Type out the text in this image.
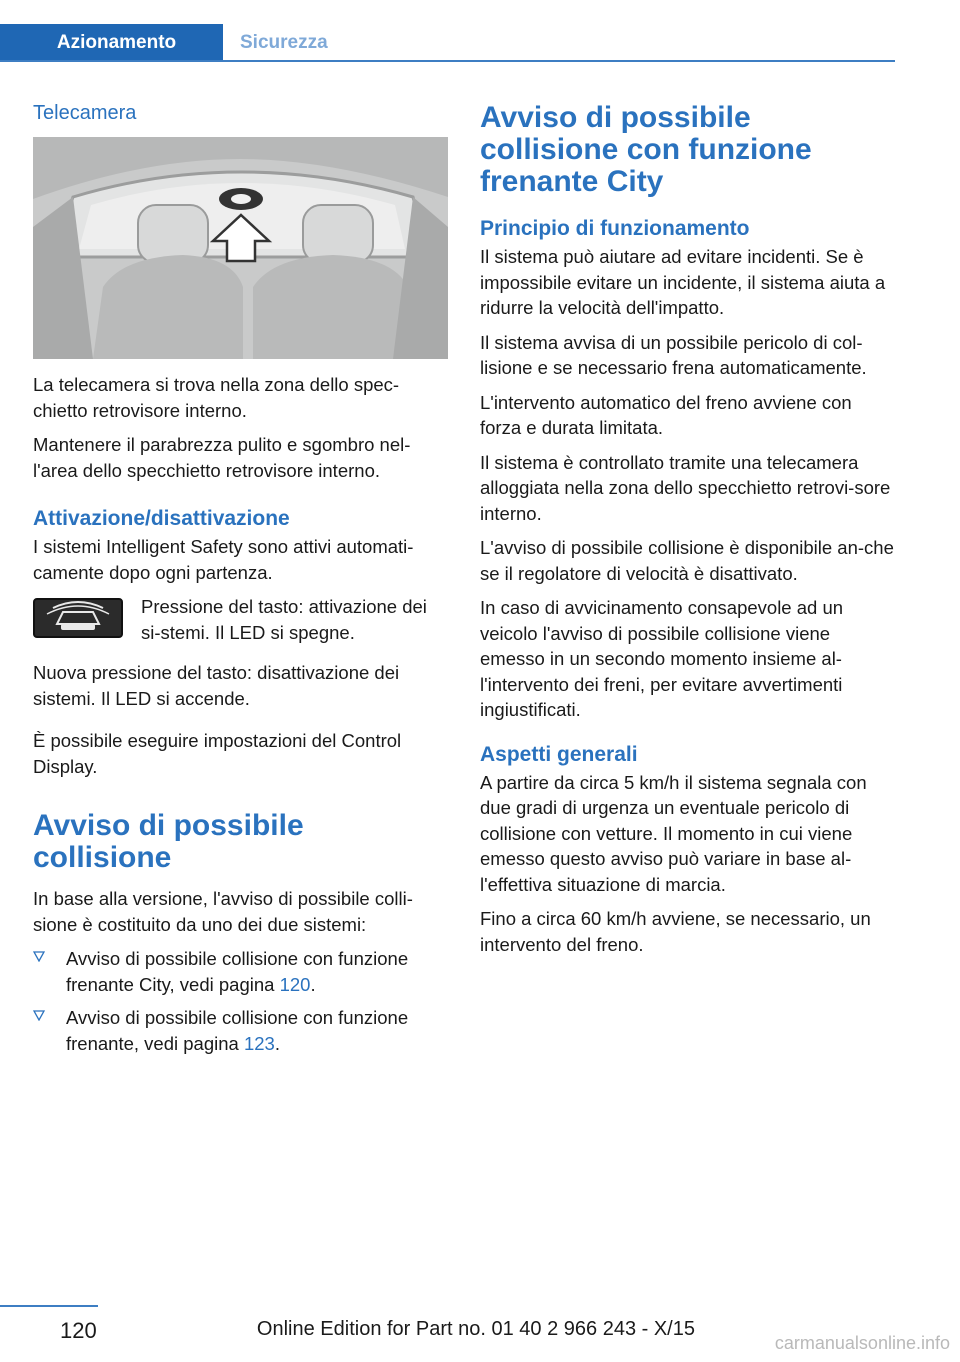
Azionamento	Sicurezza
Telecamera

La telecamera si trova nella zona dello spec-chietto retrovisore interno.

Mantenere il parabrezza pulito e sgombro nel-l'area dello specchietto retrovisore interno.

Attivazione/disattivazione

I sistemi Intelligent Safety sono attivi automati-camente dopo ogni partenza.

Pressione del tasto: attivazione dei si-stemi. Il LED si spegne.

Nuova pressione del tasto: disattivazione dei sistemi. Il LED si accende.

È possibile eseguire impostazioni del Control Display.

Avviso di possibile collisione

In base alla versione, l'avviso di possibile colli-sione è costituito da uno dei due sistemi:

Avviso di possibile collisione con funzione frenante City, vedi pagina 120.

Avviso di possibile collisione con funzione frenante, vedi pagina 123.

Avviso di possibile collisione con funzione frenante City
Principio di funzionamento

Il sistema può aiutare ad evitare incidenti. Se è impossibile evitare un incidente, il sistema aiuta a ridurre la velocità dell'impatto.

Il sistema avvisa di un possibile pericolo di col-lisione e se necessario frena automaticamente.

L'intervento automatico del freno avviene con forza e durata limitata.

Il sistema è controllato tramite una telecamera alloggiata nella zona dello specchietto retrovi-sore interno.

L'avviso di possibile collisione è disponibile an-che se il regolatore di velocità è disattivato.

In caso di avvicinamento consapevole ad un veicolo l'avviso di possibile collisione viene emesso in un secondo momento insieme al-l'intervento dei freni, per evitare avvertimenti ingiustificati.

Aspetti generali

A partire da circa 5 km/h il sistema segnala con due gradi di urgenza un eventuale pericolo di collisione con vetture. Il momento in cui viene emesso questo avviso può variare in base al-l'effettiva situazione di marcia.

Fino a circa 60 km/h avviene, se necessario, un intervento del freno.

120	Online Edition for Part no. 01 40 2 966 243 - X/15
carmanualsonline.info
